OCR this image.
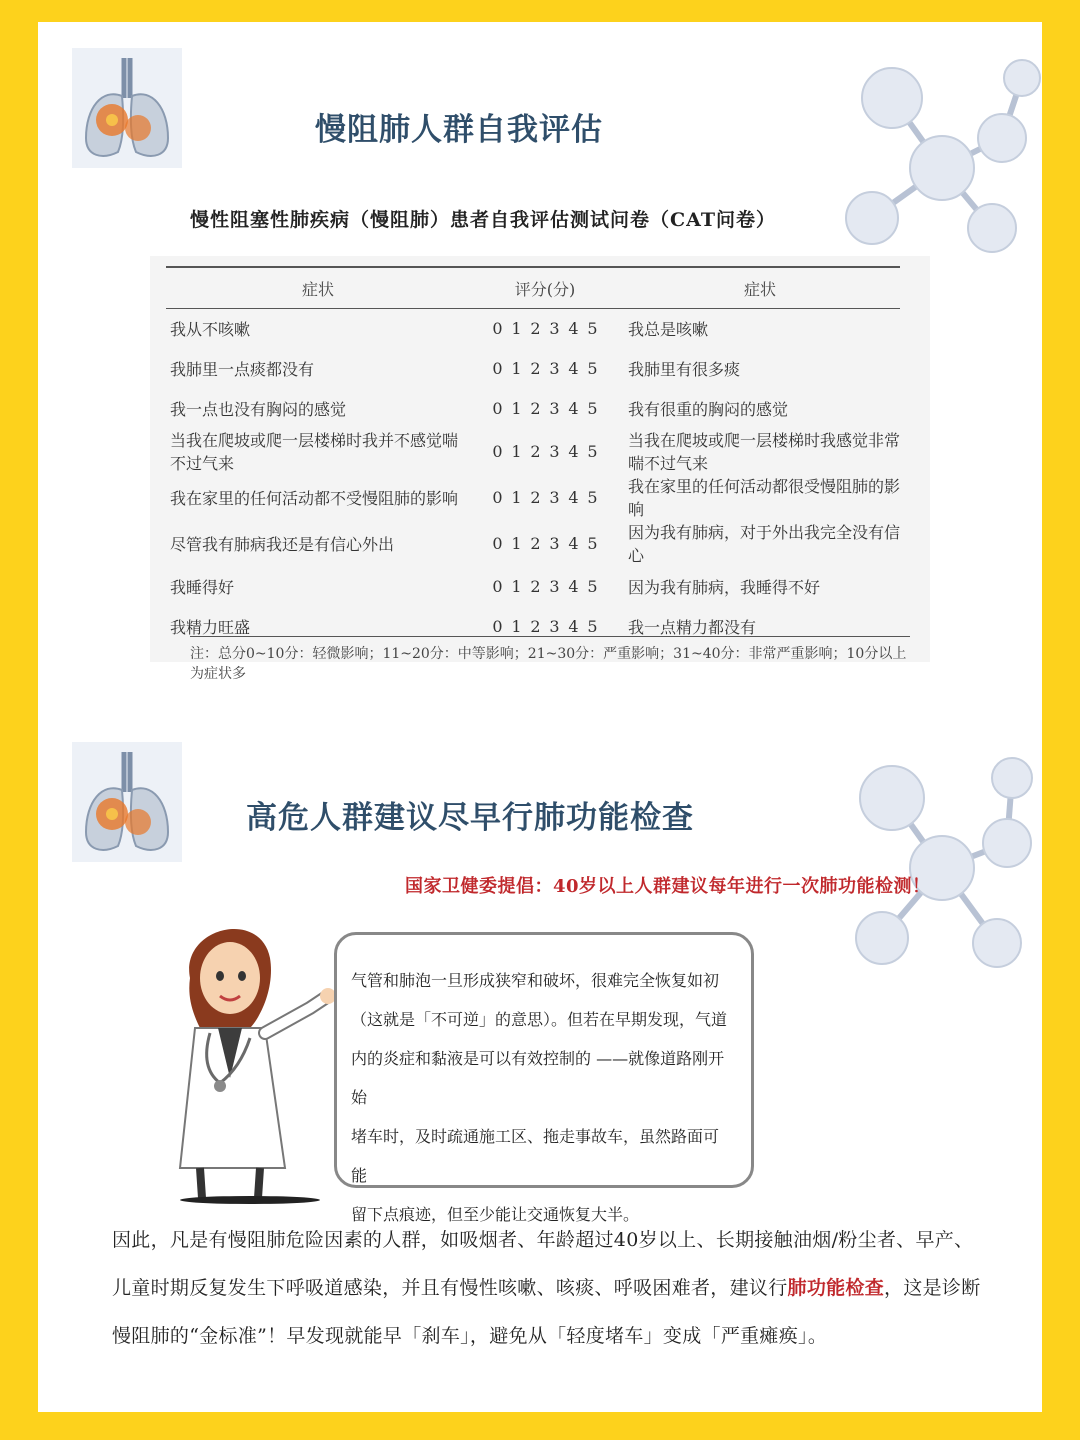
慢阻肺人群自我评估
慢性阻塞性肺疾病（慢阻肺）患者自我评估测试问卷（CAT问卷）
症状	评分(分)	症状
我从不咳嗽	0 1 2 3 4 5	我总是咳嗽
我肺里一点痰都没有	0 1 2 3 4 5	我肺里有很多痰
我一点也没有胸闷的感觉	0 1 2 3 4 5	我有很重的胸闷的感觉
当我在爬坡或爬一层楼梯时我并不感觉喘不过气来	0 1 2 3 4 5	当我在爬坡或爬一层楼梯时我感觉非常喘不过气来
我在家里的任何活动都不受慢阻肺的影响	0 1 2 3 4 5	我在家里的任何活动都很受慢阻肺的影响
尽管我有肺病我还是有信心外出	0 1 2 3 4 5	因为我有肺病，对于外出我完全没有信心
我睡得好	0 1 2 3 4 5	因为我有肺病，我睡得不好
我精力旺盛	0 1 2 3 4 5	我一点精力都没有
注：总分0~10分：轻微影响；11~20分：中等影响；21~30分：严重影响；31~40分：非常严重影响；10分以上为症状多
高危人群建议尽早行肺功能检查
国家卫健委提倡：40岁以上人群建议每年进行一次肺功能检测！
气管和肺泡一旦形成狭窄和破坏，很难完全恢复如初
（这就是「不可逆」的意思）。但若在早期发现，气道
内的炎症和黏液是可以有效控制的 ——就像道路刚开始
堵车时，及时疏通施工区、拖走事故车，虽然路面可能
留下点痕迹，但至少能让交通恢复大半。
因此，凡是有慢阻肺危险因素的人群，如吸烟者、年龄超过40岁以上、长期接触油烟/粉尘者、早产、儿童时期反复发生下呼吸道感染，并且有慢性咳嗽、咳痰、呼吸困难者，建议行肺功能检查，这是诊断慢阻肺的“金标准”！早发现就能早「刹车」，避免从「轻度堵车」变成「严重瘫痪」。
